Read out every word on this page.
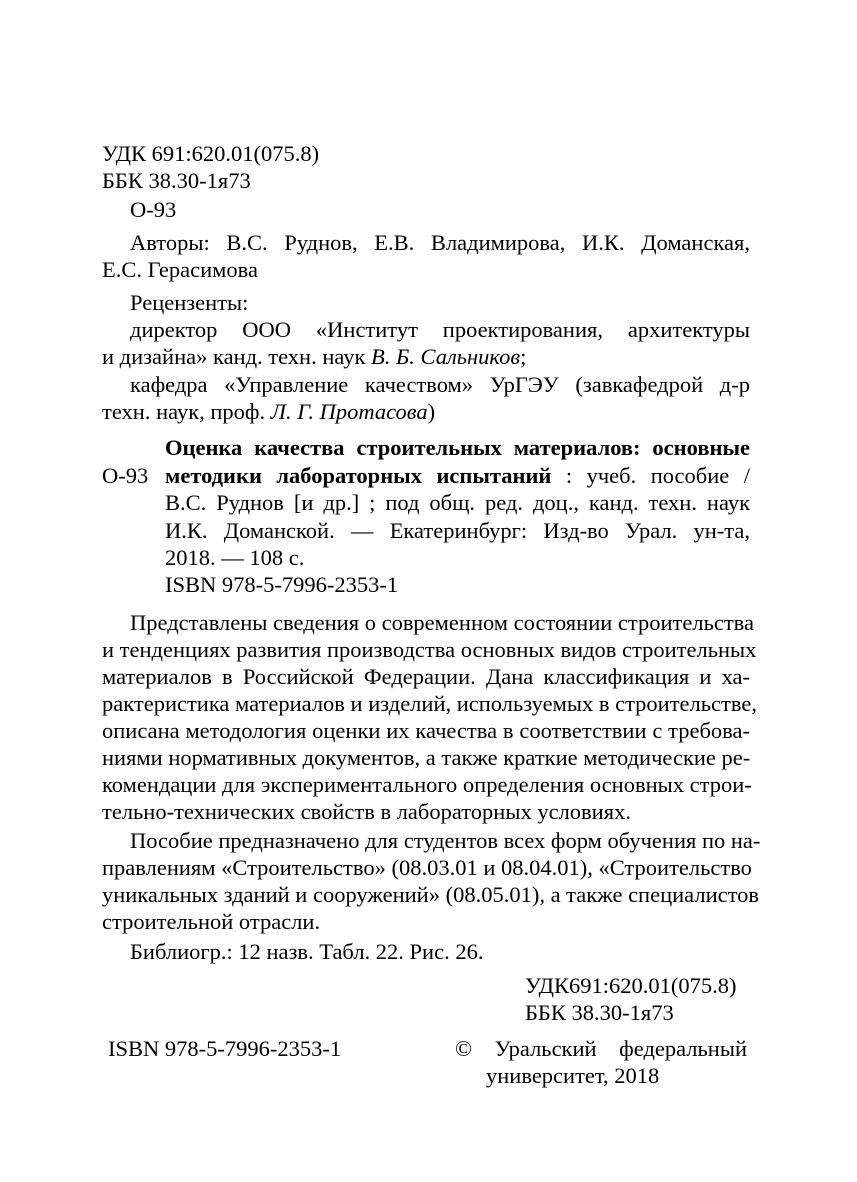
УДК 691:620.01(075.8)
ББК 38.30-1я73
О-93
Авторы: В.С. Руднов, Е.В. Владимирова, И.К. Доманская,
Е.С. Герасимова
Рецензенты:
директор ООО «Институт проектирования, архитектуры
и дизайна» канд. техн. наук В. Б. Сальников;
кафедра «Управление качеством» УрГЭУ (завкафедрой д-р
техн. наук, проф. Л. Г. Протасова)
Оценка качества строительных материалов: основные
О-93 методики лабораторных испытаний : учеб. пособие /
В.С. Руднов [и др.] ; под общ. ред. доц., канд. техн. наук
И.К. Доманской. — Екатеринбург: Изд-во Урал. ун-та,
2018. — 108 с.
ISBN 978-5-7996-2353-1
Представлены сведения о современном состоянии строительства
и тенденциях развития производства основных видов строительных
материалов в Российской Федерации. Дана классификация и ха-
рактеристика материалов и изделий, используемых в строительстве,
описана методология оценки их качества в соответствии с требова-
ниями нормативных документов, а также краткие методические ре-
комендации для экспериментального определения основных строи-
тельно-технических свойств в лабораторных условиях.
Пособие предназначено для студентов всех форм обучения по на-
правлениям «Строительство» (08.03.01 и 08.04.01), «Строительство
уникальных зданий и сооружений» (08.05.01), а также специалистов
строительной отрасли.
Библиогр.: 12 назв. Табл. 22. Рис. 26.
УДК691:620.01(075.8)
ББК 38.30-1я73
ISBN 978-5-7996-2353-1	© Уральский федеральный
университет, 2018
